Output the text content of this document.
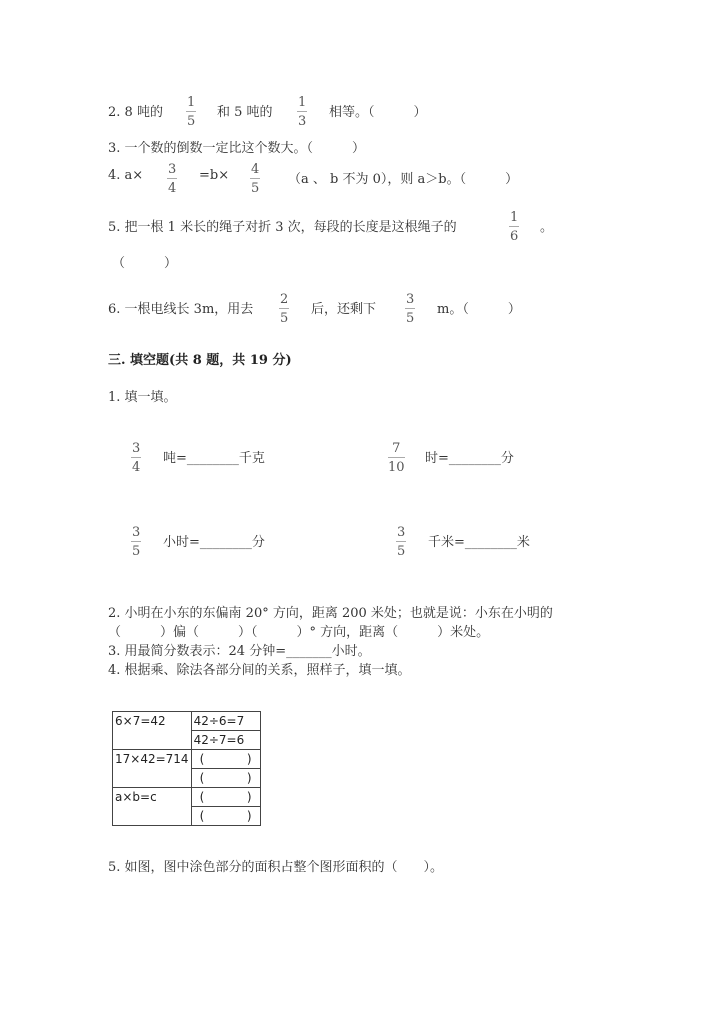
2. 8 吨的
1
5
和 5 吨的
1
3
相等。（　　　）
3. 一个数的倒数一定比这个数大。（　　　）
4. a× 3
4
=b× 4
5
（a 、 b 不为 0），则 a＞b。（　　　）
5. 把一根 1 米长的绳子对折 3 次，每段的长度是这根绳子的
1
6
。
（　　　）
6. 一根电线长 3m，用去
2
5
后，还剩下
3
5
m。（　　　）
三. 填空题(共 8 题，共 19 分)
1. 填一填。
3
4
吨=________千克
7
10
时=________分
3
5
小时=________分
3
5
千米=________米
2. 小明在小东的东偏南 20° 方向，距离 200 米处；也就是说：小东在小明的
（　　　）偏（　　　）（　　　）° 方向，距离（　　　）米处。
3. 用最简分数表示：24 分钟=_______小时。
4. 根据乘、除法各部分间的关系，照样子，填一填。
6×7=42	42÷6=7
	42÷7=6
17×42=714	( )

	( )

a×b=c	( )

	( )
5. 如图，图中涂色部分的面积占整个图形面积的（　　）。
